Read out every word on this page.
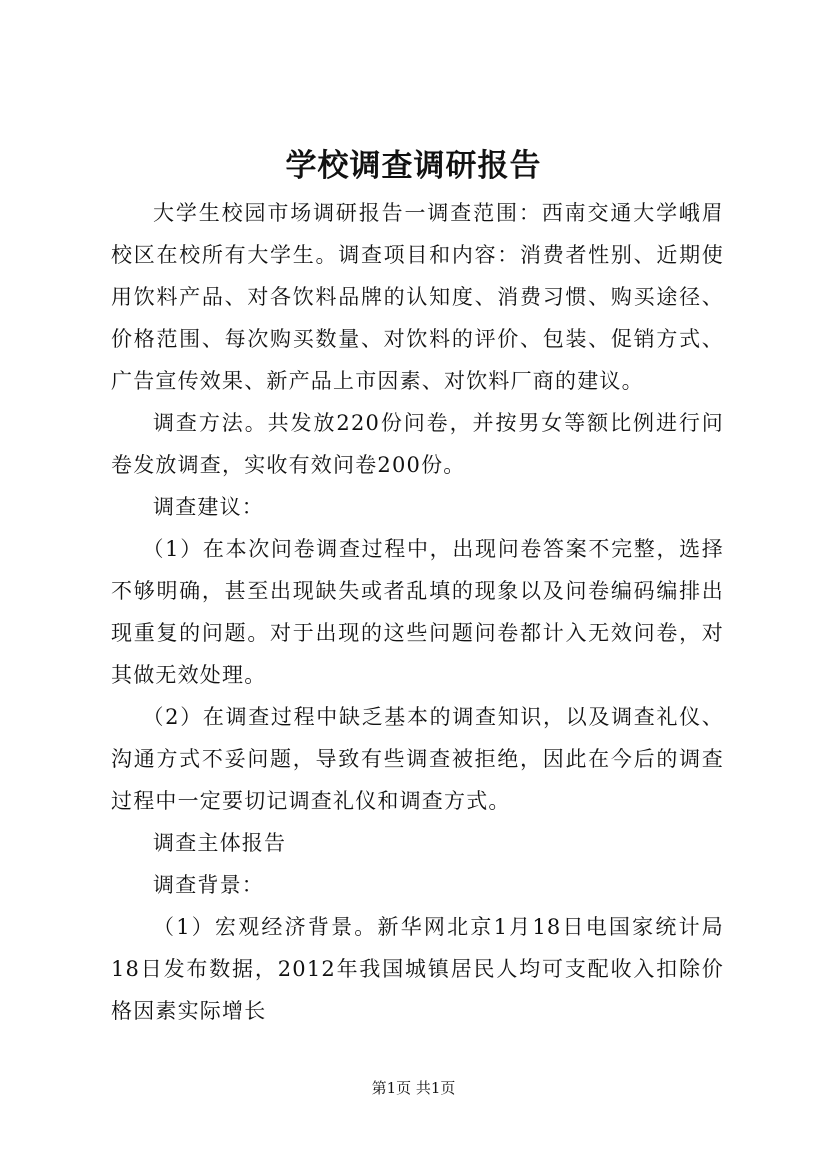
学校调查调研报告

大学生校园市场调研报告一调查范围：西南交通大学峨眉校区在校所有大学生。调查项目和内容：消费者性别、近期使用饮料产品、对各饮料品牌的认知度、消费习惯、购买途径、价格范围、每次购买数量、对饮料的评价、包装、促销方式、广告宣传效果、新产品上市因素、对饮料厂商的建议。

调查方法。共发放220份问卷，并按男女等额比例进行问卷发放调查，实收有效问卷200份。

调查建议：

（1）在本次问卷调查过程中，出现问卷答案不完整，选择不够明确，甚至出现缺失或者乱填的现象以及问卷编码编排出现重复的问题。对于出现的这些问题问卷都计入无效问卷，对其做无效处理。

（2）在调查过程中缺乏基本的调查知识，以及调查礼仪、沟通方式不妥问题，导致有些调查被拒绝，因此在今后的调查过程中一定要切记调查礼仪和调查方式。

调查主体报告

调查背景：

（1）宏观经济背景。新华网北京1月18日电国家统计局18日发布数据，2012年我国城镇居民人均可支配收入扣除价格因素实际增长

第1页 共1页
